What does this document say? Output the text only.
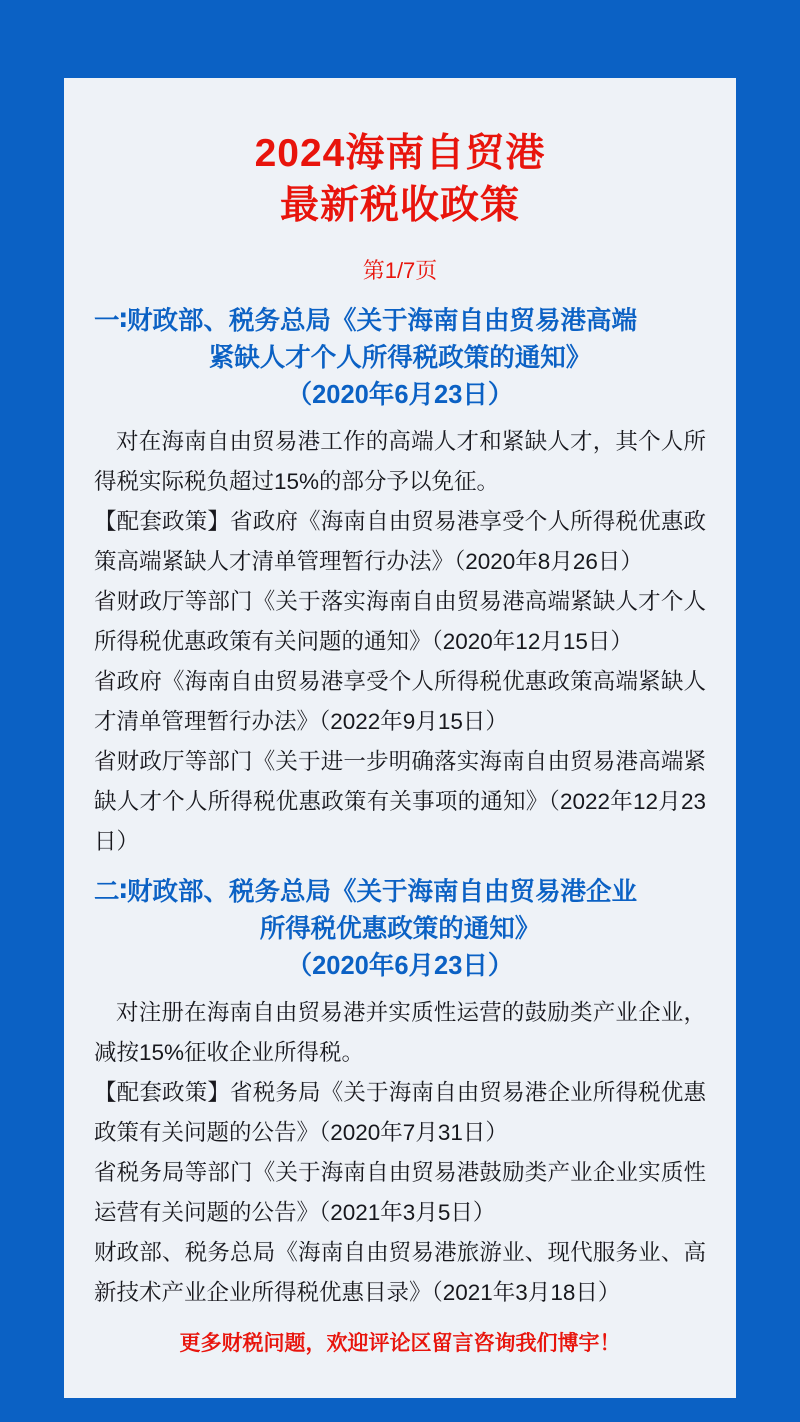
2024海南自贸港
最新税收政策
第1/7页
一∶财政部、税务总局《关于海南自由贸易港高端
紧缺人才个人所得税政策的通知》
（2020年6月23日）

对在海南自由贸易港工作的高端人才和紧缺人才，其个人所得税实际税负超过15%的部分予以免征。

【配套政策】省政府《海南自由贸易港享受个人所得税优惠政策高端紧缺人才清单管理暂行办法》（2020年8月26日）

省财政厅等部门《关于落实海南自由贸易港高端紧缺人才个人所得税优惠政策有关问题的通知》（2020年12月15日）

省政府《海南自由贸易港享受个人所得税优惠政策高端紧缺人才清单管理暂行办法》（2022年9月15日）

省财政厅等部门《关于进一步明确落实海南自由贸易港高端紧缺人才个人所得税优惠政策有关事项的通知》（2022年12月23日）

二∶财政部、税务总局《关于海南自由贸易港企业
所得税优惠政策的通知》
（2020年6月23日）

对注册在海南自由贸易港并实质性运营的鼓励类产业企业，减按15%征收企业所得税。

【配套政策】省税务局《关于海南自由贸易港企业所得税优惠政策有关问题的公告》（2020年7月31日）

省税务局等部门《关于海南自由贸易港鼓励类产业企业实质性运营有关问题的公告》（2021年3月5日）

财政部、税务总局《海南自由贸易港旅游业、现代服务业、高新技术产业企业所得税优惠目录》（2021年3月18日）

更多财税问题，欢迎评论区留言咨询我们博宇！
